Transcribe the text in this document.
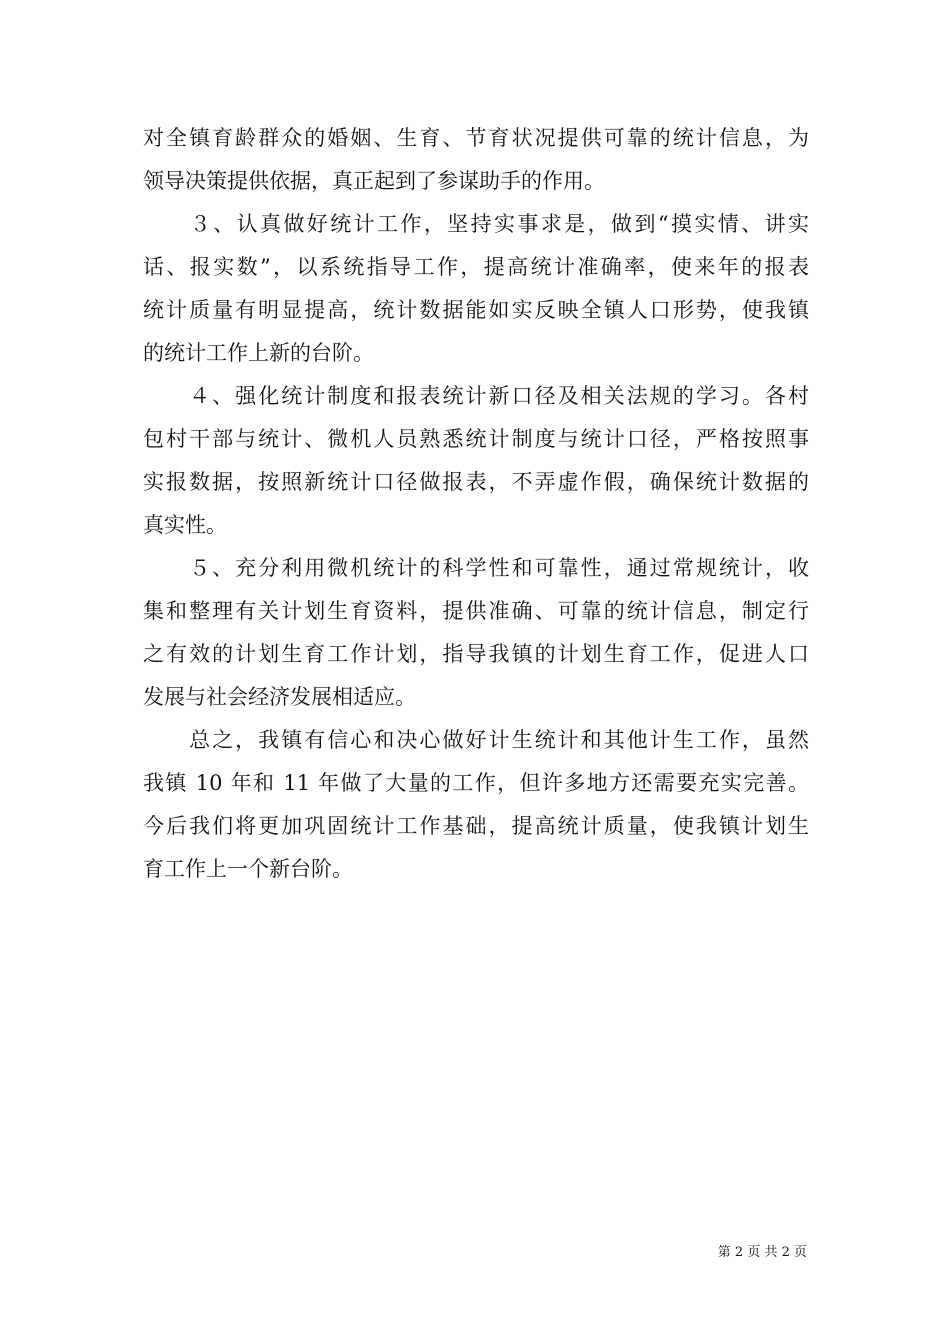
对全镇育龄群众的婚姻、生育、节育状况提供可靠的统计信息，为
领导决策提供依据，真正起到了参谋助手的作用。
　　３、认真做好统计工作，坚持实事求是，做到“摸实情、讲实
话、报实数”，以系统指导工作，提高统计准确率，使来年的报表
统计质量有明显提高，统计数据能如实反映全镇人口形势，使我镇
的统计工作上新的台阶。
　　４、强化统计制度和报表统计新口径及相关法规的学习。各村
包村干部与统计、微机人员熟悉统计制度与统计口径，严格按照事
实报数据，按照新统计口径做报表，不弄虚作假，确保统计数据的
真实性。
　　５、充分利用微机统计的科学性和可靠性，通过常规统计，收
集和整理有关计划生育资料，提供准确、可靠的统计信息，制定行
之有效的计划生育工作计划，指导我镇的计划生育工作，促进人口
发展与社会经济发展相适应。
　　总之，我镇有信心和决心做好计生统计和其他计生工作，虽然
我镇 10 年和 11 年做了大量的工作，但许多地方还需要充实完善。
今后我们将更加巩固统计工作基础，提高统计质量，使我镇计划生
育工作上一个新台阶。
第 2 页 共 2 页
